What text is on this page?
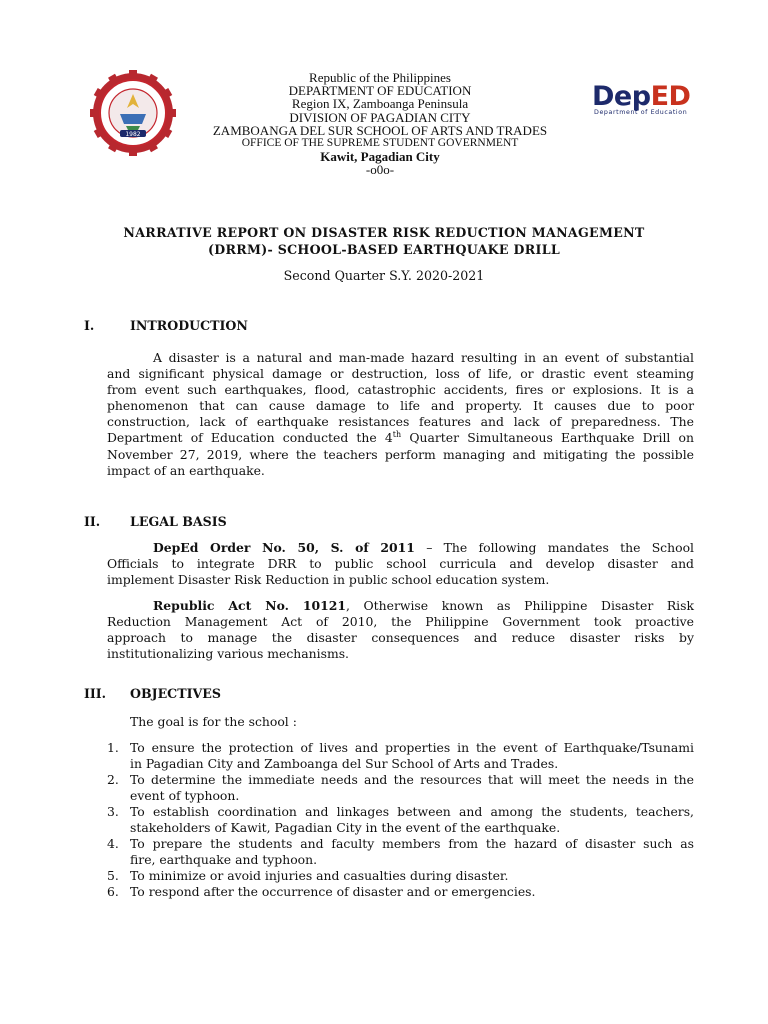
1982
Republic of the Philippines
DEPARTMENT OF EDUCATION
Region IX, Zamboanga Peninsula
DIVISION OF PAGADIAN CITY
ZAMBOANGA DEL SUR SCHOOL OF ARTS AND TRADES
OFFICE OF THE SUPREME STUDENT GOVERNMENT
Kawit, Pagadian City
-o0o-
DepED
Department of Education
NARRATIVE REPORT ON DISASTER RISK REDUCTION MANAGEMENT
(DRRM)- SCHOOL-BASED EARTHQUAKE DRILL
Second Quarter S.Y. 2020-2021
I.	INTRODUCTION
A disaster is a natural and man-made hazard resulting in an event of substantial
and significant physical damage or destruction, loss of life, or drastic event steaming
from event such earthquakes, flood, catastrophic accidents, fires or explosions. It is a
phenomenon that can cause damage to life and property. It causes due to poor
construction, lack of earthquake resistances features and lack of preparedness. The
Department of Education conducted the 4th Quarter Simultaneous Earthquake Drill on
November 27, 2019, where the teachers perform managing and mitigating the possible
impact of an earthquake.
II. LEGAL BASIS
DepEd Order No. 50, S. of 2011 – The following mandates the School
Officials to integrate DRR to public school curricula and develop disaster and
implement Disaster Risk Reduction in public school education system.
Republic Act No. 10121, Otherwise known as Philippine Disaster Risk
Reduction Management Act of 2010, the Philippine Government took proactive
approach to manage the disaster consequences and reduce disaster risks by
institutionalizing various mechanisms.
III. OBJECTIVES
The goal is for the school :
1. To ensure the protection of lives and properties in the event of Earthquake/Tsunami
in Pagadian City and Zamboanga del Sur School of Arts and Trades.
2. To determine the immediate needs and the resources that will meet the needs in the
event of typhoon.
3. To establish coordination and linkages between and among the students, teachers,
stakeholders of Kawit, Pagadian City in the event of the earthquake.
4. To prepare the students and faculty members from the hazard of disaster such as
fire, earthquake and typhoon.
5. To minimize or avoid injuries and casualties during disaster.
6. To respond after the occurrence of disaster and or emergencies.
